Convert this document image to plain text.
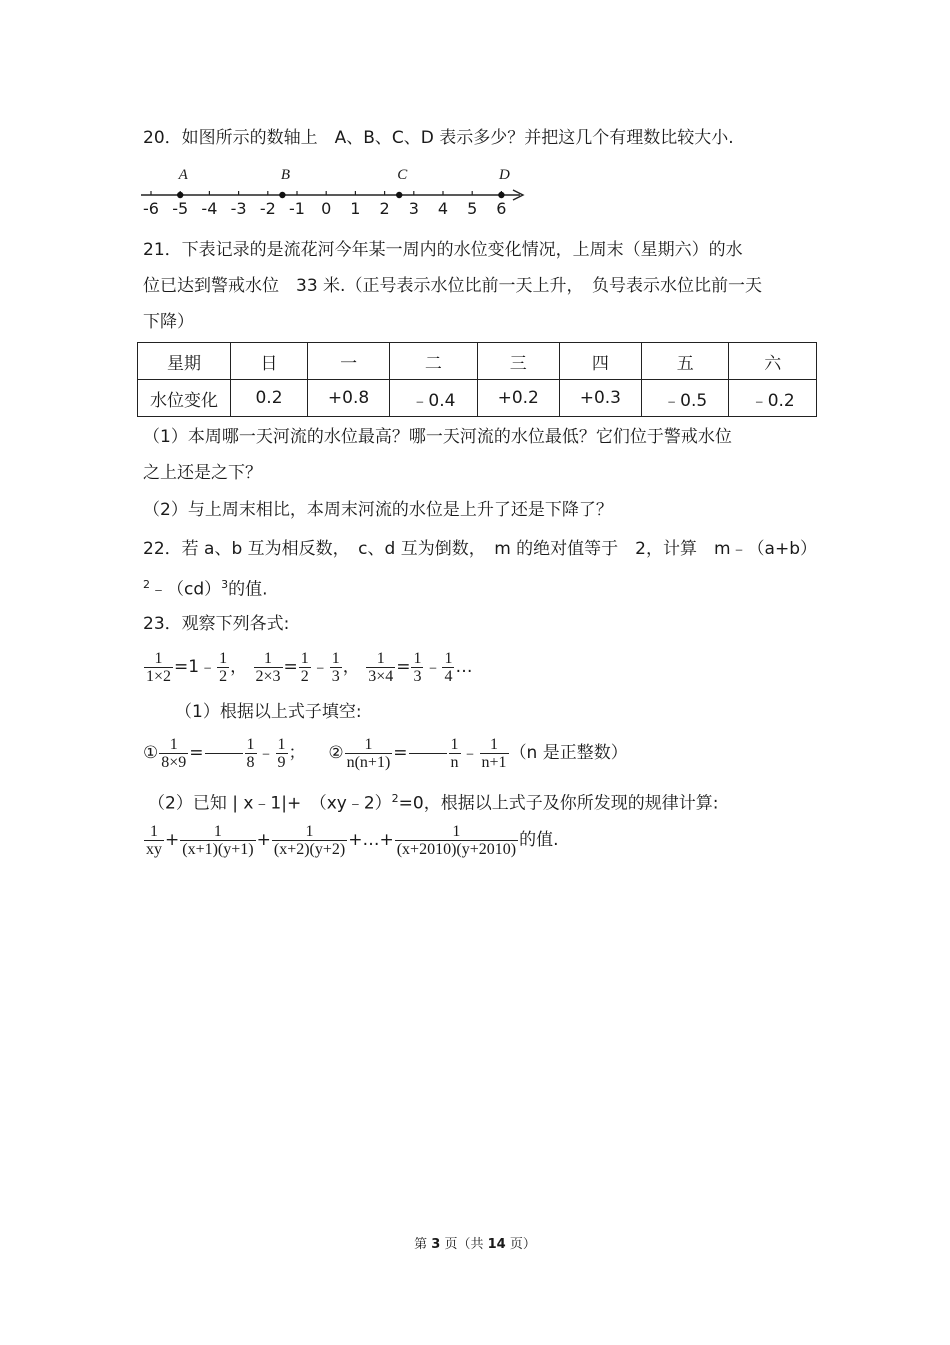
20．如图所示的数轴上　A、B、C、D 表示多少？并把这几个有理数比较大小.
-6 -5 -4 -3 -2 -1 0 1 2 3 4 5 6
A	B	C	D
21．下表记录的是流花河今年某一周内的水位变化情况，上周末（星期六）的水
位已达到警戒水位　33 米.（正号表示水位比前一天上升，　负号表示水位比前一天
下降）
星期	日	一	二	三	四	五	六
水位变化	0.2	+0.8	﹣0.4	+0.2	+0.3	﹣0.5	﹣0.2
（1）本周哪一天河流的水位最高？哪一天河流的水位最低？它们位于警戒水位
之上还是之下？
（2）与上周末相比，本周末河流的水位是上升了还是下降了？
22．若 a、b 互为相反数，　c、d 互为倒数，　m 的绝对值等于　2，计算　m﹣（a+b）
$^2$﹣（cd）$^3$的值.
23．观察下列各式:
$\frac{1}{1\times 2}$ =1﹣ $\frac{1}{2}$ ， $\frac{1}{2\times 3} = \frac{1}{2}$ ﹣ $\frac{1}{3}$ ， $\frac{1}{3\times 4} = \frac{1}{3}$ ﹣ $\frac{1}{4}$ …
（1）根据以上式子填空:
① $\frac{1}{8\times 9}$ =	$\frac{1}{8}$ ﹣ $\frac{1}{9}$ ； ② $\frac{1}{n(n+1)}$ =	$\frac{1}{n}$ ﹣ $\frac{1}{n+1} (n$ 是正整数）
（2）已知 | x﹣1|+　（xy﹣2）$^2$=0，根据以上式子及你所发现的规律计算:
$\frac{1}{xy} + \frac{1}{(x+1)(y+1)} + \frac{1}{(x+2)(y+2)}$ +…+ $\frac{1}{(x+2010)(y+2010)}$ 的值.
第 3 页（共 14 页）
